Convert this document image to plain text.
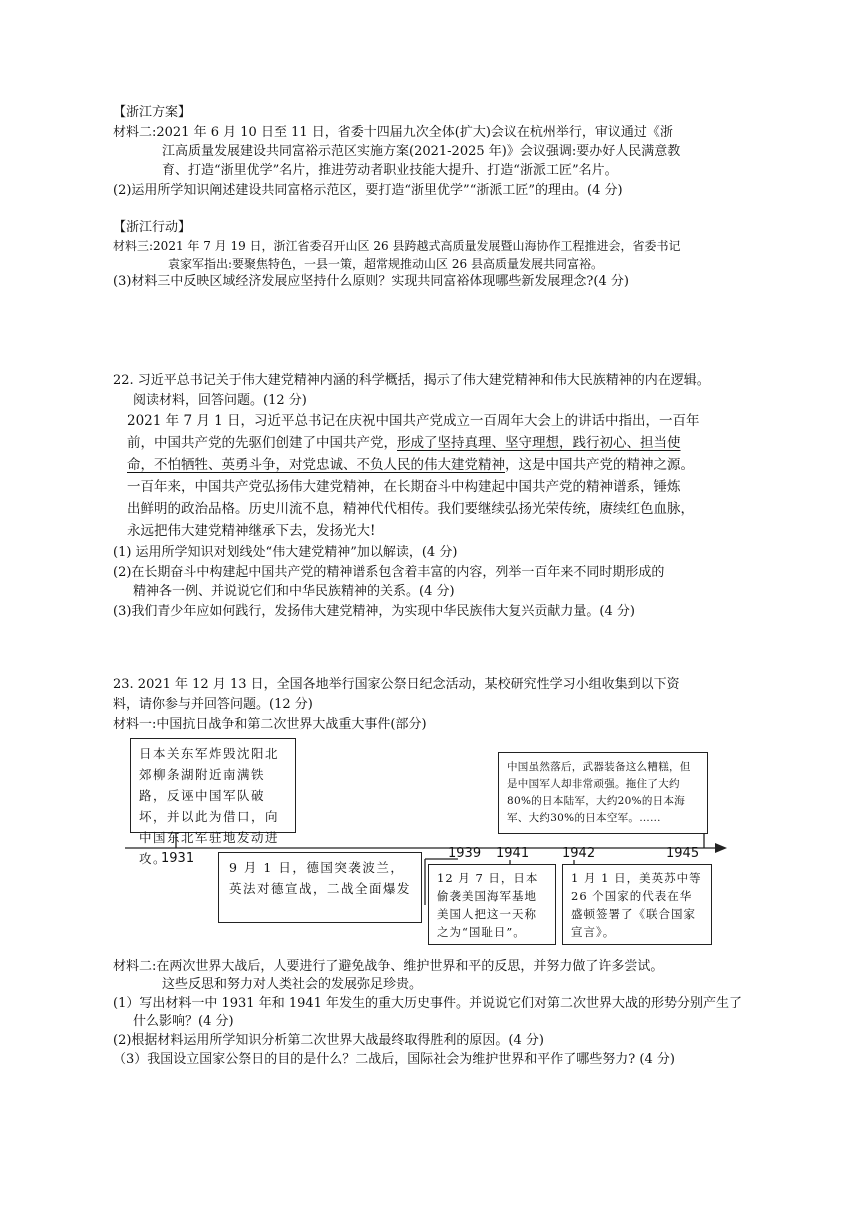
【浙江方案】
材料二:2021 年 6 月 10 日至 11 日，省委十四届九次全体(扩大)会议在杭州举行，审议通过《浙
江高质量发展建设共同富裕示范区实施方案(2021-2025 年)》会议强调:要办好人民满意教
育、打造“浙里优学”名片，推进劳动者职业技能大提升、打造“浙派工匠”名片。
(2)运用所学知识阐述建设共同富格示范区，要打造“浙里优学”“浙派工匠”的理由。(4 分)
【浙江行动】
材料三:2021 年 7 月 19 日，浙江省委召开山区 26 县跨越式高质量发展暨山海协作工程推进会，省委书记
袁家军指出:要聚焦特色，一县一策，超常规推动山区 26 县高质量发展共同富裕。
(3)材料三中反映区域经济发展应坚持什么原则？实现共同富裕体现哪些新发展理念?(4 分)
22. 习近平总书记关于伟大建党精神内涵的科学概括，揭示了伟大建党精神和伟大民族精神的内在逻辑。
阅读材料，回答问题。(12 分)
2021 年 7 月 1 日，习近平总书记在庆祝中国共产党成立一百周年大会上的讲话中指出，一百年
前，中国共产党的先驱们创建了中国共产党，形成了坚持真理、坚守理想，践行初心、担当使
命，不怕牺牲、英勇斗争，对党忠诚、不负人民的伟大建党精神，这是中国共产党的精神之源。
一百年来，中国共产党弘扬伟大建党精神，在长期奋斗中构建起中国共产党的精神谱系，锤炼
出鲜明的政治品格。历史川流不息，精神代代相传。我们要继续弘扬光荣传统，赓续红色血脉，
永远把伟大建党精神继承下去，发扬光大!
(1) 运用所学知识对划线处“伟大建党精神”加以解读，(4 分)
(2)在长期奋斗中构建起中国共产党的精神谱系包含着丰富的内容，列举一百年来不同时期形成的
精神各一例、并说说它们和中华民族精神的关系。(4 分)
(3)我们青少年应如何践行，发扬伟大建党精神，为实现中华民族伟大复兴贡献力量。(4 分)
23. 2021 年 12 月 13 日，全国各地举行国家公祭日纪念活动，某校研究性学习小组收集到以下资
料，请你参与并回答问题。(12 分)
材料一:中国抗日战争和第二次世界大战重大事件(部分)
日本关东军炸毁沈阳北郊柳条湖附近南满铁路，反诬中国军队破坏，并以此为借口，向中国东北军驻地发动进攻。
中国虽然落后，武器装备这么糟糕，但是中国军人却非常顽强。拖住了大约80%的日本陆军，大约20%的日本海军、大约30%的日本空军。……
9 月 1 日，德国突袭波兰，英法对德宣战，二战全面爆发
12 月 7 日，日本偷袭美国海军基地美国人把这一天称之为“国耻日”。
1 月 1 日，美英苏中等 26 个国家的代表在华盛顿签署了《联合国家宣言》。
1931	1939 1941	1942	1945
材料二:在两次世界大战后，人要进行了避免战争、维护世界和平的反思，并努力做了许多尝试。
这些反思和努力对人类社会的发展弥足珍贵。
(1）写出材料一中 1931 年和 1941 年发生的重大历史事件。并说说它们对第二次世界大战的形势分别产生了
什么影响？(4 分)
(2)根据材料运用所学知识分析第二次世界大战最终取得胜利的原因。(4 分)
（3）我国设立国家公祭日的目的是什么？二战后，国际社会为维护世界和平作了哪些努力? (4 分)
